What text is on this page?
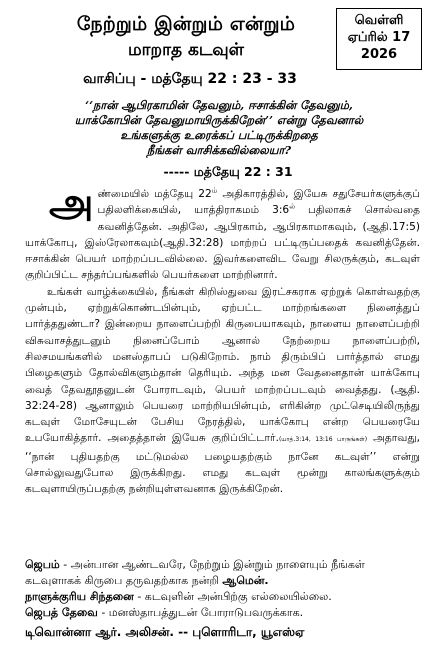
நேற்றும் இன்றும் என்றும்
மாறாத கடவுள்
வாசிப்பு - மத்தேயு 22 : 23 - 33
வெள்ளி
ஏப்ரில் 17
2026
‘‘நான் ஆபிரகாமின் தேவனும், ஈசாக்கின் தேவனும்,
யாக்கோபின் தேவனுமாயிருக்கிறேன்’’ என்று தேவனால்
உங்களுக்கு உரைக்கப் பட்டிருக்கிறதை
நீங்கள் வாசிக்கவில்லையா?
----- மத்தேயு 22 : 31

அண்மையில் மத்தேயு $22^{ம்}$ அதிகாரத்தில், இயேசு சதுசேயர்களுக்குப் பதிலளிக்கையில், யாத்திராகமம் $3:6^{ல்}$ பதிலாகச் சொல்வதை கவனித்தேன். அதிலே, ஆபிரகாம், ஆபிரகாமாகவும், (ஆதி.17:5) யாக்கோபு, இஸ்ரேலாகவும்(ஆதி.32:28) மாற்றப் பட்டிருப்பதைக் கவனித்தேன். ஈசாக்கின் பெயர் மாற்றப்படவில்லை. இவர்களைவிட வேறு சிலருக்கும், கடவுள் குறிப்பிட்ட சந்தர்ப்பங்களில் பெயர்களை மாற்றினார்.

உங்கள் வாழ்க்கையில், நீங்கள் கிறிஸ்துவை இரட்சகராக ஏற்றுக் கொள்வதற்கு முன்பும், ஏற்றுக்கொண்டபின்பும், ஏற்பட்ட மாற்றங்களை நினைத்துப் பார்த்ததுண்டா? இன்றைய நாளைப்பற்றி கிருபையாகவும், நாளைய நாளைப்பற்றி விசுவாசத்துடனும் நினைப்போம் ஆனால் நேற்றைய நாளைப்பற்றி, சிலசமயங்களில் மனஸ்தாபப் படுகிறோம். நாம் திரும்பிப் பார்த்தால் எமது பிழைகளும் தோல்விகளும்தான் தெரியும். அந்த மன வேதனைதான் யாக்கோபு வைத் தேவதூதனுடன் போராடவும், பெயர் மாற்றப்படவும் வைத்தது. (ஆதி. 32:24-28) ஆனாலும் பெயரை மாற்றியபின்பும், எரிகின்ற முட்செடியிலிருந்து கடவுள் மோசேயுடன் பேசிய நேரத்தில், யாக்கோபு என்ற பெயரையே உபயோகித்தார். அதைத்தான் இயேசு குறிப்பிட்டார்.(யாத்.3:14, 13:16 பாருங்கள்) அதாவது, ‘‘நான் புதியதற்கு மட்டுமல்ல பழையதற்கும் நானே கடவுள்’’ என்று சொல்லுவதுபோல இருக்கிறது. எமது கடவுள் மூன்று காலங்களுக்கும் கடவுளாயிருப்பதற்கு நன்றியுள்ளவனாக இருக்கிறேன்.

ஜெபம் - அன்பான ஆண்டவரே, நேற்றும் இன்றும் நாளையும் நீங்கள் கடவுளாகக் கிருபை தருவதற்காக நன்றி ஆமென்.
நாளுக்குரிய சிந்தனை - கடவுளின் அன்பிற்கு எல்லையில்லை.
ஜெபத் தேவை - மனஸ்தாபத்துடன் போராடுபவருக்காக.
டிவொன்னா ஆர். அலிசன். -- புளொரிடா, யூஎஸ்ஏ
